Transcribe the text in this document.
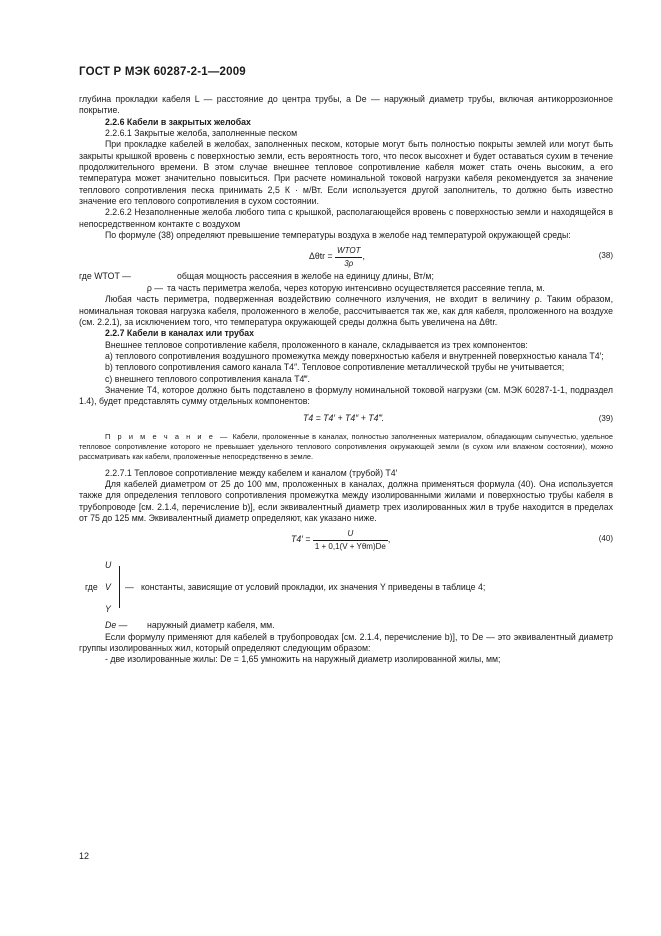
ГОСТ Р МЭК 60287-2-1—2009

глубина прокладки кабеля L — расстояние до центра трубы, а De — наружный диаметр трубы, включая антикоррозионное покрытие.

2.2.6 Кабели в закрытых желобах

2.2.6.1 Закрытые желоба, заполненные песком

При прокладке кабелей в желобах, заполненных песком, которые могут быть полностью покрыты землей или могут быть закрыты крышкой вровень с поверхностью земли, есть вероятность того, что песок высохнет и будет оставаться сухим в течение продолжительного времени. В этом случае внешнее тепловое сопротивление кабеля может стать очень высоким, а его температура может значительно повыситься. При расчете номинальной токовой нагрузки кабеля рекомендуется за значение теплового сопротивления песка принимать 2,5 К · м/Вт. Если используется другой заполнитель, то должно быть известно значение его теплового сопротивления в сухом состоянии.

2.2.6.2 Незаполненные желоба любого типа с крышкой, располагающейся вровень с поверхностью земли и находящейся в непосредственном контакте с воздухом

По формуле (38) определяют превышение температуры воздуха в желобе над температурой окружающей среды:

$\Delta\theta tr = \frac{\text{WTOT}}{3\rho}$ ,	(38)
где WTOT —	общая мощность рассеяния в желобе на единицу длины, Вт/м;
ρ — та часть периметра желоба, через которую интенсивно осуществляется рассеяние тепла, м.

Любая часть периметра, подверженная воздействию солнечного излучения, не входит в величину ρ. Таким образом, номинальная токовая нагрузка кабеля, проложенного в желобе, рассчитывается так же, как для кабеля, проложенного на воздухе (см. 2.2.1), за исключением того, что температура окружающей среды должна быть увеличена на Δθtr.

2.2.7 Кабели в каналах или трубах

Внешнее тепловое сопротивление кабеля, проложенного в канале, складывается из трех компонентов:

a) теплового сопротивления воздушного промежутка между поверхностью кабеля и внутренней поверхностью канала T4′;

b) теплового сопротивления самого канала T4″. Тепловое сопротивление металлической трубы не учитывается;

c) внешнего теплового сопротивления канала T4‴.

Значение T4, которое должно быть подставлено в формулу номинальной токовой нагрузки (см. МЭК 60287-1-1, подраздел 1.4), будет представлять сумму отдельных компонентов:

T4 = T4′ + T4″ + T4‴.	(39)

П р и м е ч а н и е — Кабели, проложенные в каналах, полностью заполненных материалом, обладающим сыпучестью, удельное тепловое сопротивление которого не превышает удельного теплового сопротивления окружающей земли (в сухом или влажном состоянии), можно рассматривать как кабели, проложенные непосредственно в земле.

2.2.7.1 Тепловое сопротивление между кабелем и каналом (трубой) T4′

Для кабелей диаметром от 25 до 100 мм, проложенных в каналах, должна применяться формула (40). Она используется также для определения теплового сопротивления промежутка между изолированными жилами и поверхностью трубы кабеля в трубопроводе [см. 2.1.4, перечисление b)], если эквивалентный диаметр трех изолированных жил в трубе находится в пределах от 75 до 125 мм. Эквивалентный диаметр определяют, как указано ниже.

$T4' = \frac{U}{\text{1 + 0,1(V + Yθm)De}}$ ,	(40)
U
где V
Y
— константы, зависящие от условий прокладки, их значения Y приведены в таблице 4;
De —	наружный диаметр кабеля, мм.

Если формулу применяют для кабелей в трубопроводах [см. 2.1.4, перечисление b)], то De — это эквивалентный диаметр группы изолированных жил, который определяют следующим образом:

- две изолированные жилы: De = 1,65 умножить на наружный диаметр изолированной жилы, мм;

12
